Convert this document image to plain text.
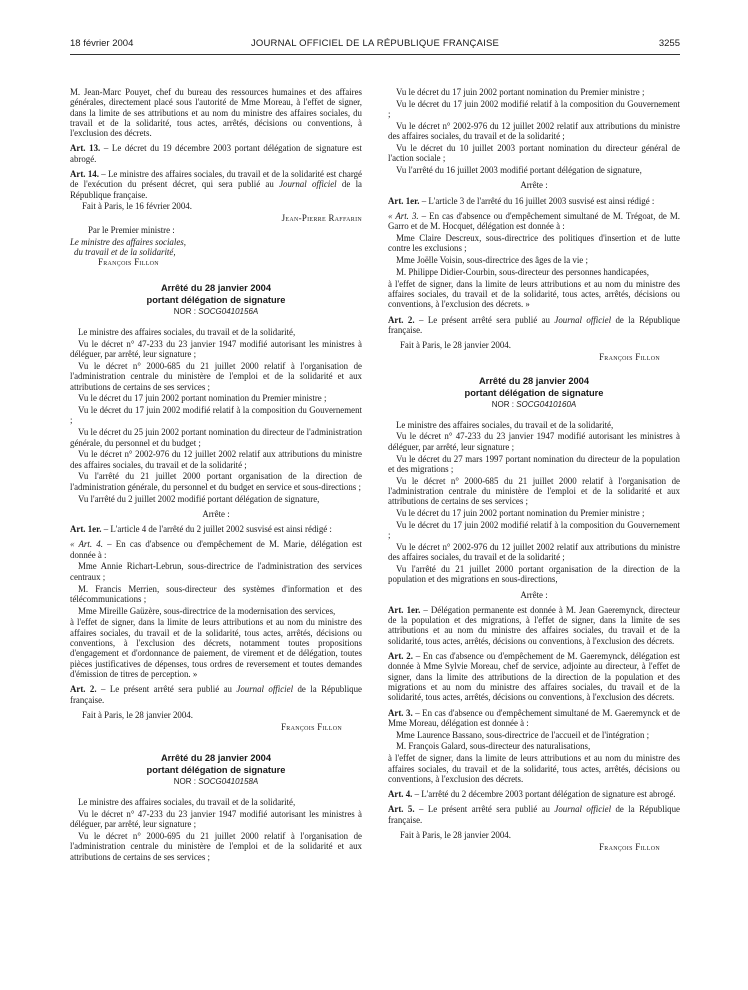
18 février 2004	JOURNAL OFFICIEL DE LA RÉPUBLIQUE FRANÇAISE	3255

M. Jean-Marc Pouyet, chef du bureau des ressources humaines et des affaires générales, directement placé sous l'autorité de Mme Moreau, à l'effet de signer, dans la limite de ses attributions et au nom du ministre des affaires sociales, du travail et de la solidarité, tous actes, arrêtés, décisions ou conventions, à l'exclusion des décrets.

Art. 13. – Le décret du 19 décembre 2003 portant délégation de signature est abrogé.

Art. 14. – Le ministre des affaires sociales, du travail et de la solidarité est chargé de l'exécution du présent décret, qui sera publié au Journal officiel de la République française.

Fait à Paris, le 16 février 2004.

Jean-Pierre Raffarin

Par le Premier ministre :

Le ministre des affaires sociales,

du travail et de la solidarité,

François Fillon

Arrêté du 28 janvier 2004

portant délégation de signature

NOR : SOCG0410156A

Le ministre des affaires sociales, du travail et de la solidarité,

Vu le décret n° 47-233 du 23 janvier 1947 modifié autorisant les ministres à déléguer, par arrêté, leur signature ;

Vu le décret n° 2000-685 du 21 juillet 2000 relatif à l'organisation de l'administration centrale du ministère de l'emploi et de la solidarité et aux attributions de certains de ses services ;

Vu le décret du 17 juin 2002 portant nomination du Premier ministre ;

Vu le décret du 17 juin 2002 modifié relatif à la composition du Gouvernement ;

Vu le décret du 25 juin 2002 portant nomination du directeur de l'administration générale, du personnel et du budget ;

Vu le décret n° 2002-976 du 12 juillet 2002 relatif aux attributions du ministre des affaires sociales, du travail et de la solidarité ;

Vu l'arrêté du 21 juillet 2000 portant organisation de la direction de l'administration générale, du personnel et du budget en service et sous-directions ;

Vu l'arrêté du 2 juillet 2002 modifié portant délégation de signature,

Arrête :

Art. 1er. – L'article 4 de l'arrêté du 2 juillet 2002 susvisé est ainsi rédigé :

« Art. 4. – En cas d'absence ou d'empêchement de M. Marie, délégation est donnée à :

Mme Annie Richart-Lebrun, sous-directrice de l'administration des services centraux ;

M. Francis Merrien, sous-directeur des systèmes d'information et des télécommunications ;

Mme Mireille Gaüzère, sous-directrice de la modernisation des services,

à l'effet de signer, dans la limite de leurs attributions et au nom du ministre des affaires sociales, du travail et de la solidarité, tous actes, arrêtés, décisions ou conventions, à l'exclusion des décrets, notamment toutes propositions d'engagement et d'ordonnance de paiement, de virement et de délégation, toutes pièces justificatives de dépenses, tous ordres de reversement et toutes demandes d'émission de titres de perception. »

Art. 2. – Le présent arrêté sera publié au Journal officiel de la République française.

Fait à Paris, le 28 janvier 2004.

François Fillon

Arrêté du 28 janvier 2004

portant délégation de signature

NOR : SOCG0410158A

Le ministre des affaires sociales, du travail et de la solidarité,

Vu le décret n° 47-233 du 23 janvier 1947 modifié autorisant les ministres à déléguer, par arrêté, leur signature ;

Vu le décret n° 2000-695 du 21 juillet 2000 relatif à l'organisation de l'administration centrale du ministère de l'emploi et de la solidarité et aux attributions de certains de ses services ;

Vu le décret du 17 juin 2002 portant nomination du Premier ministre ;

Vu le décret du 17 juin 2002 modifié relatif à la composition du Gouvernement ;

Vu le décret n° 2002-976 du 12 juillet 2002 relatif aux attributions du ministre des affaires sociales, du travail et de la solidarité ;

Vu le décret du 10 juillet 2003 portant nomination du directeur général de l'action sociale ;

Vu l'arrêté du 16 juillet 2003 modifié portant délégation de signature,

Arrête :

Art. 1er. – L'article 3 de l'arrêté du 16 juillet 2003 susvisé est ainsi rédigé :

« Art. 3. – En cas d'absence ou d'empêchement simultané de M. Trégoat, de M. Garro et de M. Hocquet, délégation est donnée à :

Mme Claire Descreux, sous-directrice des politiques d'insertion et de lutte contre les exclusions ;

Mme Joëlle Voisin, sous-directrice des âges de la vie ;

M. Philippe Didier-Courbin, sous-directeur des personnes handicapées,

à l'effet de signer, dans la limite de leurs attributions et au nom du ministre des affaires sociales, du travail et de la solidarité, tous actes, arrêtés, décisions ou conventions, à l'exclusion des décrets. »

Art. 2. – Le présent arrêté sera publié au Journal officiel de la République française.

Fait à Paris, le 28 janvier 2004.

François Fillon

Arrêté du 28 janvier 2004

portant délégation de signature

NOR : SOCG0410160A

Le ministre des affaires sociales, du travail et de la solidarité,

Vu le décret n° 47-233 du 23 janvier 1947 modifié autorisant les ministres à déléguer, par arrêté, leur signature ;

Vu le décret du 27 mars 1997 portant nomination du directeur de la population et des migrations ;

Vu le décret n° 2000-685 du 21 juillet 2000 relatif à l'organisation de l'administration centrale du ministère de l'emploi et de la solidarité et aux attributions de certains de ses services ;

Vu le décret du 17 juin 2002 portant nomination du Premier ministre ;

Vu le décret du 17 juin 2002 modifié relatif à la composition du Gouvernement ;

Vu le décret n° 2002-976 du 12 juillet 2002 relatif aux attributions du ministre des affaires sociales, du travail et de la solidarité ;

Vu l'arrêté du 21 juillet 2000 portant organisation de la direction de la population et des migrations en sous-directions,

Arrête :

Art. 1er. – Délégation permanente est donnée à M. Jean Gaeremynck, directeur de la population et des migrations, à l'effet de signer, dans la limite de ses attributions et au nom du ministre des affaires sociales, du travail et de la solidarité, tous actes, arrêtés, décisions ou conventions, à l'exclusion des décrets.

Art. 2. – En cas d'absence ou d'empêchement de M. Gaeremynck, délégation est donnée à Mme Sylvie Moreau, chef de service, adjointe au directeur, à l'effet de signer, dans la limite des attributions de la direction de la population et des migrations et au nom du ministre des affaires sociales, du travail et de la solidarité, tous actes, arrêtés, décisions ou conventions, à l'exclusion des décrets.

Art. 3. – En cas d'absence ou d'empêchement simultané de M. Gaeremynck et de Mme Moreau, délégation est donnée à :

Mme Laurence Bassano, sous-directrice de l'accueil et de l'intégration ;

M. François Galard, sous-directeur des naturalisations,

à l'effet de signer, dans la limite de leurs attributions et au nom du ministre des affaires sociales, du travail et de la solidarité, tous actes, arrêtés, décisions ou conventions, à l'exclusion des décrets.

Art. 4. – L'arrêté du 2 décembre 2003 portant délégation de signature est abrogé.

Art. 5. – Le présent arrêté sera publié au Journal officiel de la République française.

Fait à Paris, le 28 janvier 2004.

François Fillon
